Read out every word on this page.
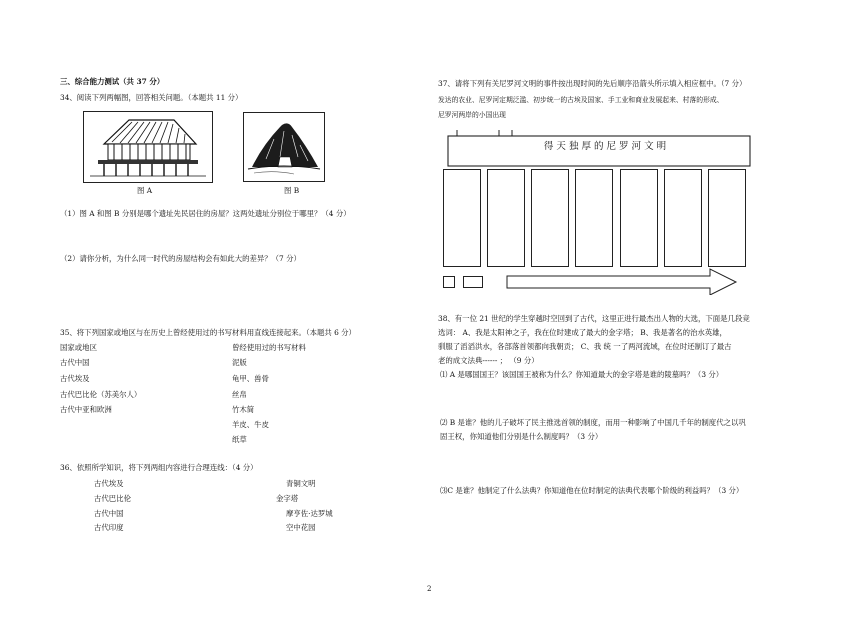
三、综合能力测试（共 37 分）
34、阅读下列两幅图，回答相关问题。（本题共 11 分）
图 A	图 B
（1）图 A 和图 B 分别是哪个遗址先民居住的房屋？这两处遗址分别位于哪里？（4 分）
（2）请你分析，为什么同一时代的房屋结构会有如此大的差异？（7 分）
35、将下列国家或地区与在历史上曾经使用过的书写材料用直线连接起来。（本题共 6 分）
国家或地区	曾经使用过的书写材料
古代中国
古代埃及
古代巴比伦（苏美尔人）
古代中亚和欧洲
泥版
龟甲、兽骨
丝帛
竹木简
羊皮、牛皮
纸草
36、依照所学知识，将下列两组内容进行合理连线：（4 分）
古代埃及
古代巴比伦
古代中国
古代印度
青铜文明
金字塔
摩亨佐·达罗城
空中花园
37、请将下列有关尼罗河文明的事件按出现时间的先后顺序沿箭头所示填入相应框中。（7 分）
发达的农业、尼罗河定期泛滥、初步统一的古埃及国家、手工业和商业发展起来、村落的形成、
尼罗河两岸的小国出现
得 天 独 厚 的 尼 罗 河 文 明
38、有一位 21 世纪的学生穿越时空回到了古代，这里正进行最杰出人物的大选，下面是几段竞
选词： A、我是太阳神之子，我在位时建成了最大的金字塔； B、我是著名的治水英雄，
驯服了滔滔洪水，各部落首领都向我朝贡； C、我 统 一了两河流域，在位时还制订了最古
老的成文法典------ ； （9 分）
⑴ A 是哪国国王？该国国王被称为什么？你知道最大的金字塔是谁的陵墓吗？（3 分）
⑵ B 是谁？他的儿子破坏了民主推选首领的制度，而用一种影响了中国几千年的制度代之以巩
固王权，你知道他们分别是什么制度吗？（3 分）
⑶C 是谁？他制定了什么法典？你知道他在位时制定的法典代表哪个阶级的利益吗？（3 分）
2
